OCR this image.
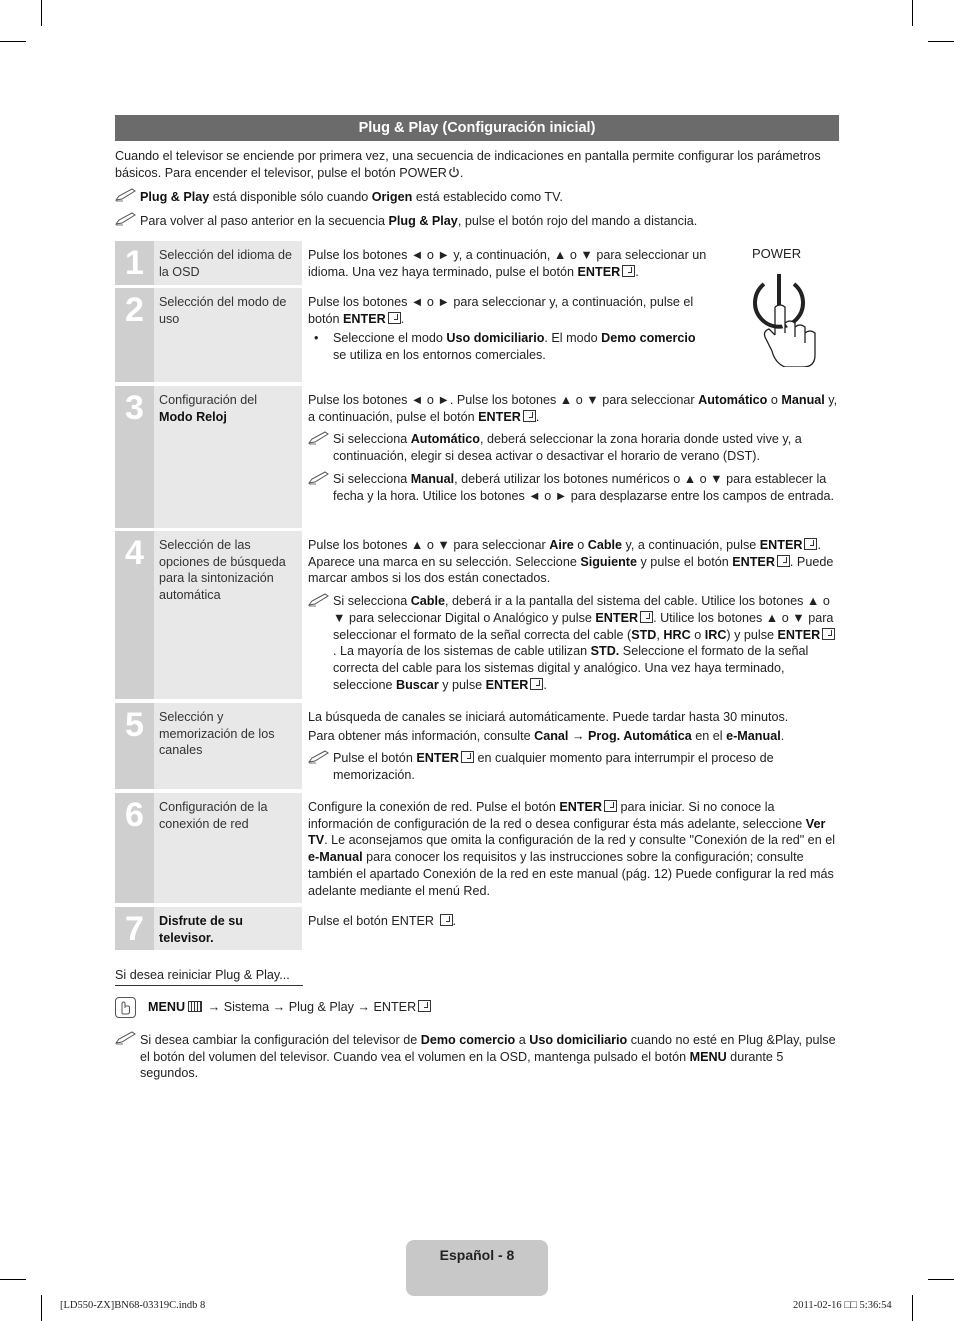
Plug & Play (Configuración inicial)
Cuando el televisor se enciende por primera vez, una secuencia de indicaciones en pantalla permite configurar los parámetros básicos. Para encender el televisor, pulse el botón POWER .
Plug & Play está disponible sólo cuando Origen está establecido como TV.
Para volver al paso anterior en la secuencia Plug & Play, pulse el botón rojo del mando a distancia.
1	Selección del idioma de la OSD

Pulse los botones ◄ o ► y, a continuación, ▲ o ▼ para seleccionar un idioma. Una vez haya terminado, pulse el botón ENTER .

2	Selección del modo de uso

Pulse los botones ◄ o ► para seleccionar y, a continuación, pulse el botón ENTER .

• Seleccione el modo Uso domiciliario. El modo Demo comercio se utiliza en los entornos comerciales.
POWER
3	Configuración del
Modo Reloj

Pulse los botones ◄ o ►. Pulse los botones ▲ o ▼ para seleccionar Automático o Manual y, a continuación, pulse el botón ENTER .

Si selecciona Automático, deberá seleccionar la zona horaria donde usted vive y, a continuación, elegir si desea activar o desactivar el horario de verano (DST).
Si selecciona Manual, deberá utilizar los botones numéricos o ▲ o ▼ para establecer la fecha y la hora. Utilice los botones ◄ o ► para desplazarse entre los campos de entrada.
4	Selección de las opciones de búsqueda para la sintonización automática

Pulse los botones ▲ o ▼ para seleccionar Aire o Cable y, a continuación, pulse ENTER . Aparece una marca en su selección. Seleccione Siguiente y pulse el botón ENTER . Puede marcar ambos si los dos están conectados.

Si selecciona Cable, deberá ir a la pantalla del sistema del cable. Utilice los botones ▲ o ▼ para seleccionar Digital o Analógico y pulse ENTER . Utilice los botones ▲ o ▼ para seleccionar el formato de la señal correcta del cable (STD, HRC o IRC) y pulse ENTER. La mayoría de los sistemas de cable utilizan STD. Seleccione el formato de la señal correcta del cable para los sistemas digital y analógico. Una vez haya terminado, seleccione Buscar y pulse ENTER .
5	Selección y memorización de los canales

La búsqueda de canales se iniciará automáticamente. Puede tardar hasta 30 minutos.

Para obtener más información, consulte Canal → Prog. Automática en el e-Manual.

Pulse el botón ENTER en cualquier momento para interrumpir el proceso de memorización.
6	Configuración de la conexión de red

Configure la conexión de red. Pulse el botón ENTER para iniciar. Si no conoce la información de configuración de la red o desea configurar ésta más adelante, seleccione Ver TV. Le aconsejamos que omita la configuración de la red y consulte "Conexión de la red" en el e-Manual para conocer los requisitos y las instrucciones sobre la configuración; consulte también el apartado Conexión de la red en este manual (pág. 12) Puede configurar la red más adelante mediante el menú Red.

7	Disfrute de su televisor.

Pulse el botón ENTER .

Si desea reiniciar Plug & Play...
MENU → Sistema → Plug & Play → ENTER
Si desea cambiar la configuración del televisor de Demo comercio a Uso domiciliario cuando no esté en Plug &Play, pulse el botón del volumen del televisor. Cuando vea el volumen en la OSD, mantenga pulsado el botón MENU durante 5 segundos.
Español - 8
[LD550-ZX]BN68-03319C.indb 8	2011-02-16 □□ 5:36:54
